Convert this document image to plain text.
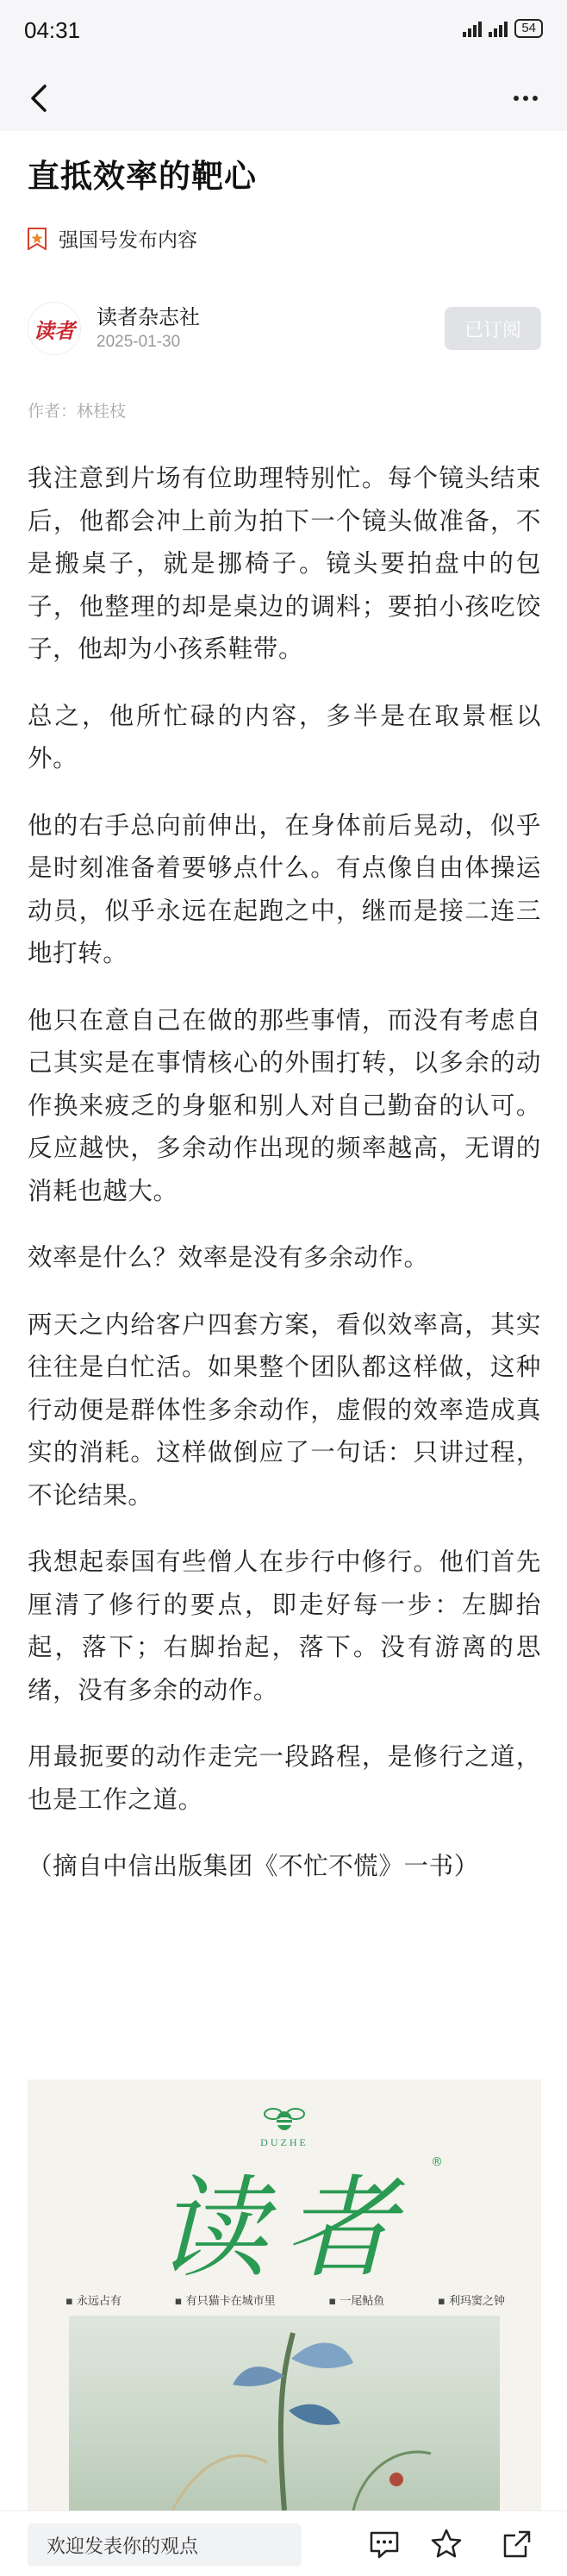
04:31	54
直抵效率的靶心
强国号发布内容
读者
读者杂志社
2025-01-30
已订阅
作者：林桂枝

我注意到片场有位助理特别忙。每个镜头结束后，他都会冲上前为拍下一个镜头做准备，不是搬桌子，就是挪椅子。镜头要拍盘中的包子，他整理的却是桌边的调料；要拍小孩吃饺子，他却为小孩系鞋带。

总之，他所忙碌的内容，多半是在取景框以外。

他的右手总向前伸出，在身体前后晃动，似乎是时刻准备着要够点什么。有点像自由体操运动员，似乎永远在起跑之中，继而是接二连三地打转。

他只在意自己在做的那些事情，而没有考虑自己其实是在事情核心的外围打转，以多余的动作换来疲乏的身躯和别人对自己勤奋的认可。反应越快，多余动作出现的频率越高，无谓的消耗也越大。

效率是什么？效率是没有多余动作。

两天之内给客户四套方案，看似效率高，其实往往是白忙活。如果整个团队都这样做，这种行动便是群体性多余动作，虚假的效率造成真实的消耗。这样做倒应了一句话：只讲过程，不论结果。

我想起泰国有些僧人在步行中修行。他们首先厘清了修行的要点，即走好每一步：左脚抬起，落下；右脚抬起，落下。没有游离的思绪，没有多余的动作。

用最扼要的动作走完一段路程，是修行之道，也是工作之道。

（摘自中信出版集团《不忙不慌》一书）

DUZHE
读者
®
▪ 永远占有	▪ 有只猫卡在城市里	▪ 一尾鲇鱼	▪ 利玛窦之钟
欢迎发表你的观点
